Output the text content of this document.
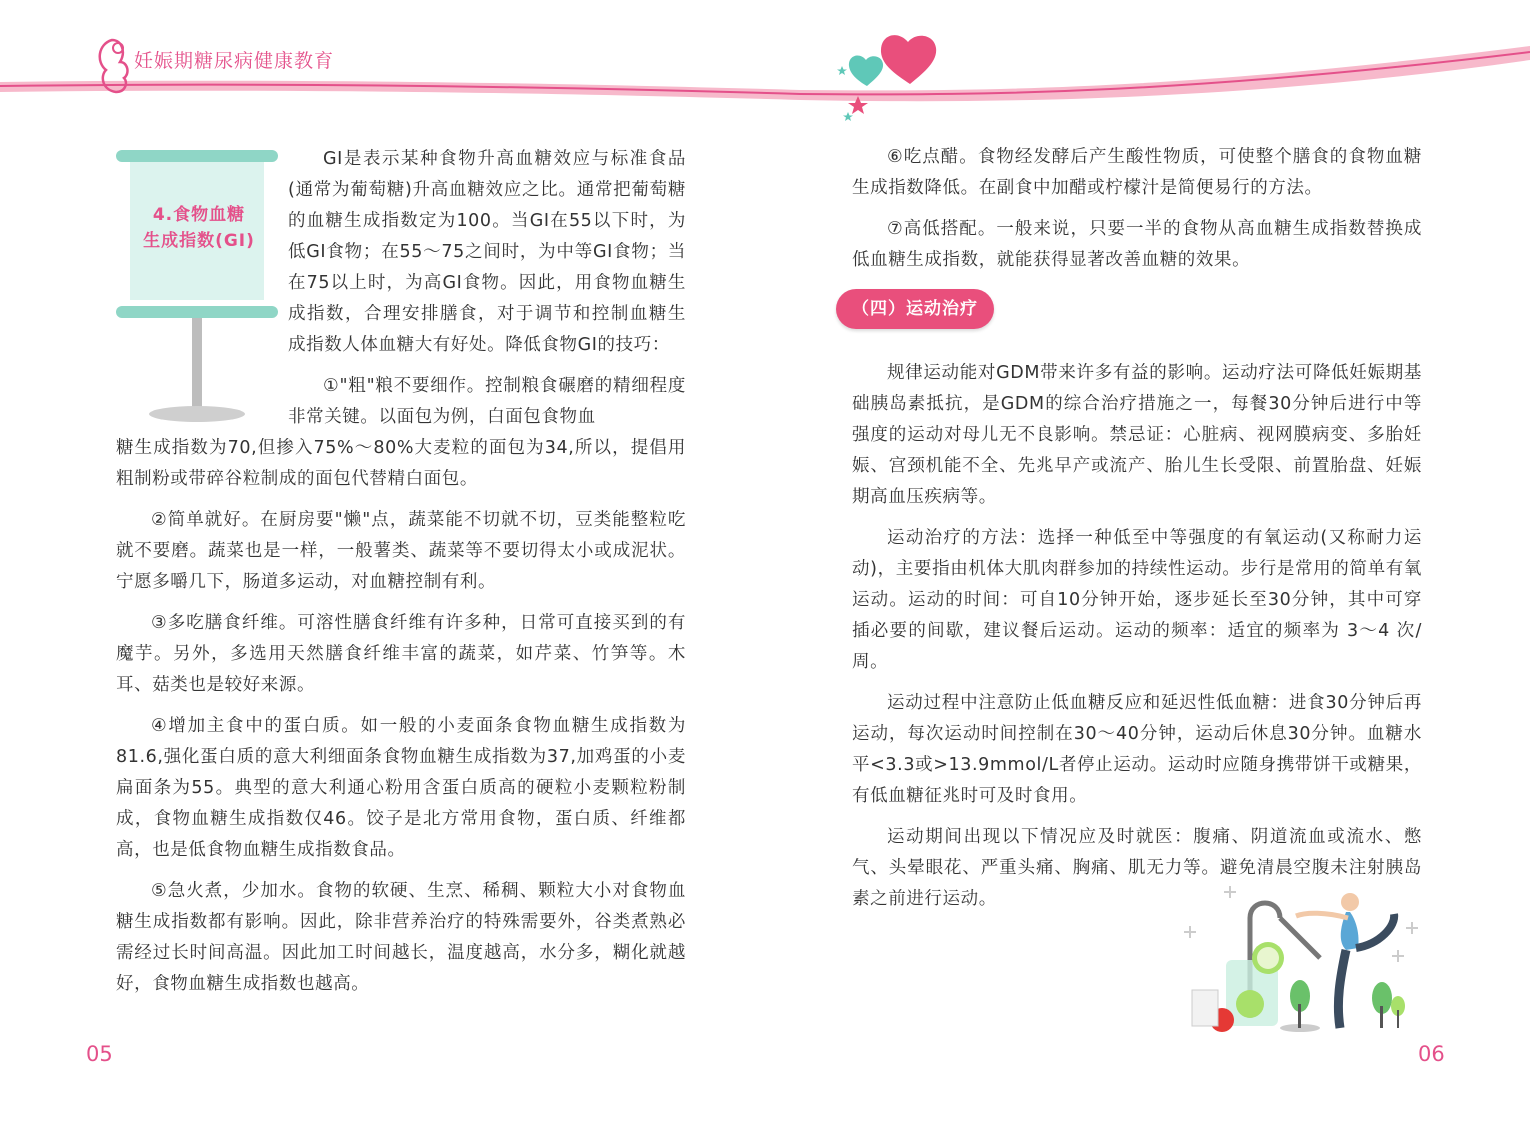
妊娠期糖尿病健康教育
4.食物血糖
生成指数(GI)

GI是表示某种食物升高血糖效应与标准食品(通常为葡萄糖)升高血糖效应之比。通常把葡萄糖的血糖生成指数定为100。当GI在55以下时，为低GI食物；在55～75之间时，为中等GI食物；当在75以上时，为高GI食物。因此，用食物血糖生成指数，合理安排膳食，对于调节和控制血糖生成指数人体血糖大有好处。降低食物GI的技巧：

①"粗"粮不要细作。控制粮食碾磨的精细程度非常关键。以面包为例，白面包食物血

糖生成指数为70,但掺入75%～80%大麦粒的面包为34,所以，提倡用粗制粉或带碎谷粒制成的面包代替精白面包。

②简单就好。在厨房要"懒"点，蔬菜能不切就不切，豆类能整粒吃就不要磨。蔬菜也是一样，一般薯类、蔬菜等不要切得太小或成泥状。宁愿多嚼几下，肠道多运动，对血糖控制有利。

③多吃膳食纤维。可溶性膳食纤维有许多种，日常可直接买到的有魔芋。另外，多选用天然膳食纤维丰富的蔬菜，如芹菜、竹笋等。木耳、菇类也是较好来源。

④增加主食中的蛋白质。如一般的小麦面条食物血糖生成指数为81.6,强化蛋白质的意大利细面条食物血糖生成指数为37,加鸡蛋的小麦扁面条为55。典型的意大利通心粉用含蛋白质高的硬粒小麦颗粒粉制成，食物血糖生成指数仅46。饺子是北方常用食物，蛋白质、纤维都高，也是低食物血糖生成指数食品。

⑤急火煮，少加水。食物的软硬、生烹、稀稠、颗粒大小对食物血糖生成指数都有影响。因此，除非营养治疗的特殊需要外，谷类煮熟必需经过长时间高温。因此加工时间越长，温度越高，水分多，糊化就越好，食物血糖生成指数也越高。

⑥吃点醋。食物经发酵后产生酸性物质，可使整个膳食的食物血糖生成指数降低。在副食中加醋或柠檬汁是简便易行的方法。

⑦高低搭配。一般来说，只要一半的食物从高血糖生成指数替换成低血糖生成指数，就能获得显著改善血糖的效果。

（四）运动治疗

规律运动能对GDM带来许多有益的影响。运动疗法可降低妊娠期基础胰岛素抵抗，是GDM的综合治疗措施之一，每餐30分钟后进行中等强度的运动对母儿无不良影响。禁忌证：心脏病、视网膜病变、多胎妊娠、宫颈机能不全、先兆早产或流产、胎儿生长受限、前置胎盘、妊娠期高血压疾病等。

运动治疗的方法：选择一种低至中等强度的有氧运动(又称耐力运动)，主要指由机体大肌肉群参加的持续性运动。步行是常用的简单有氧运动。运动的时间：可自10分钟开始，逐步延长至30分钟，其中可穿插必要的间歇，建议餐后运动。运动的频率：适宜的频率为 3～4 次/周。

运动过程中注意防止低血糖反应和延迟性低血糖：进食30分钟后再运动，每次运动时间控制在30～40分钟，运动后休息30分钟。血糖水平<3.3或>13.9mmol/L者停止运动。运动时应随身携带饼干或糖果，有低血糖征兆时可及时食用。

运动期间出现以下情况应及时就医：腹痛、阴道流血或流水、憋气、头晕眼花、严重头痛、胸痛、肌无力等。避免清晨空腹未注射胰岛素之前进行运动。

05	06
